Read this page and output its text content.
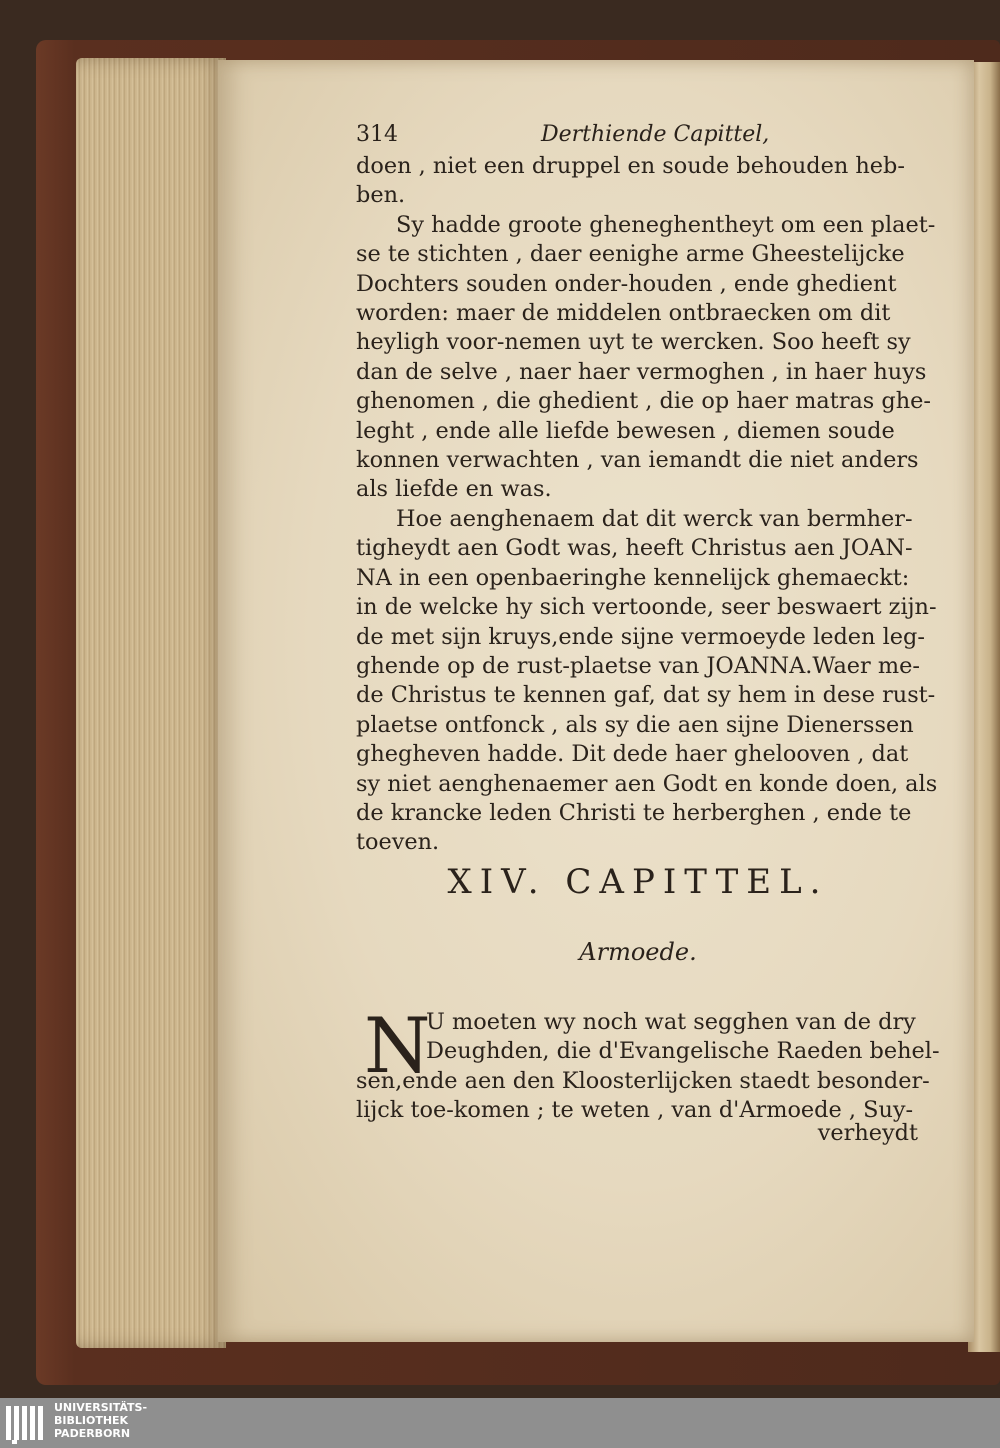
314	Derthiende Capittel,
doen , niet een druppel en soude behouden heb-
ben.
Sy hadde groote gheneghentheyt om een plaet-
se te stichten , daer eenighe arme Gheestelijcke
Dochters souden onder-houden , ende ghedient
worden: maer de middelen ontbraecken om dit
heyligh voor-nemen uyt te wercken. Soo heeft sy
dan de selve , naer haer vermoghen , in haer huys
ghenomen , die ghedient , die op haer matras ghe-
leght , ende alle liefde bewesen , diemen soude
konnen verwachten , van iemandt die niet anders
als liefde en was.
Hoe aenghenaem dat dit werck van bermher-
tigheydt aen Godt was, heeft Christus aen JOAN-
NA in een openbaeringhe kennelijck ghemaeckt:
in de welcke hy sich vertoonde, seer beswaert zijn-
de met sijn kruys,ende sijne vermoeyde leden leg-
ghende op de rust-plaetse van JOANNA.Waer me-
de Christus te kennen gaf, dat sy hem in dese rust-
plaetse ontfonck , als sy die aen sijne Dienerssen
ghegheven hadde. Dit dede haer ghelooven , dat
sy niet aenghenaemer aen Godt en konde doen, als
de krancke leden Christi te herberghen , ende te
toeven.
XIV. CAPITTEL.
Armoede.
N
U moeten wy noch wat segghen van de dry
Deughden, die d'Evangelische Raeden behel-
sen,ende aen den Kloosterlijcken staedt besonder-
lijck toe-komen ; te weten , van d'Armoede , Suy-
verheydt
UNIVERSITÄTS-
BIBLIOTHEK
PADERBORN
